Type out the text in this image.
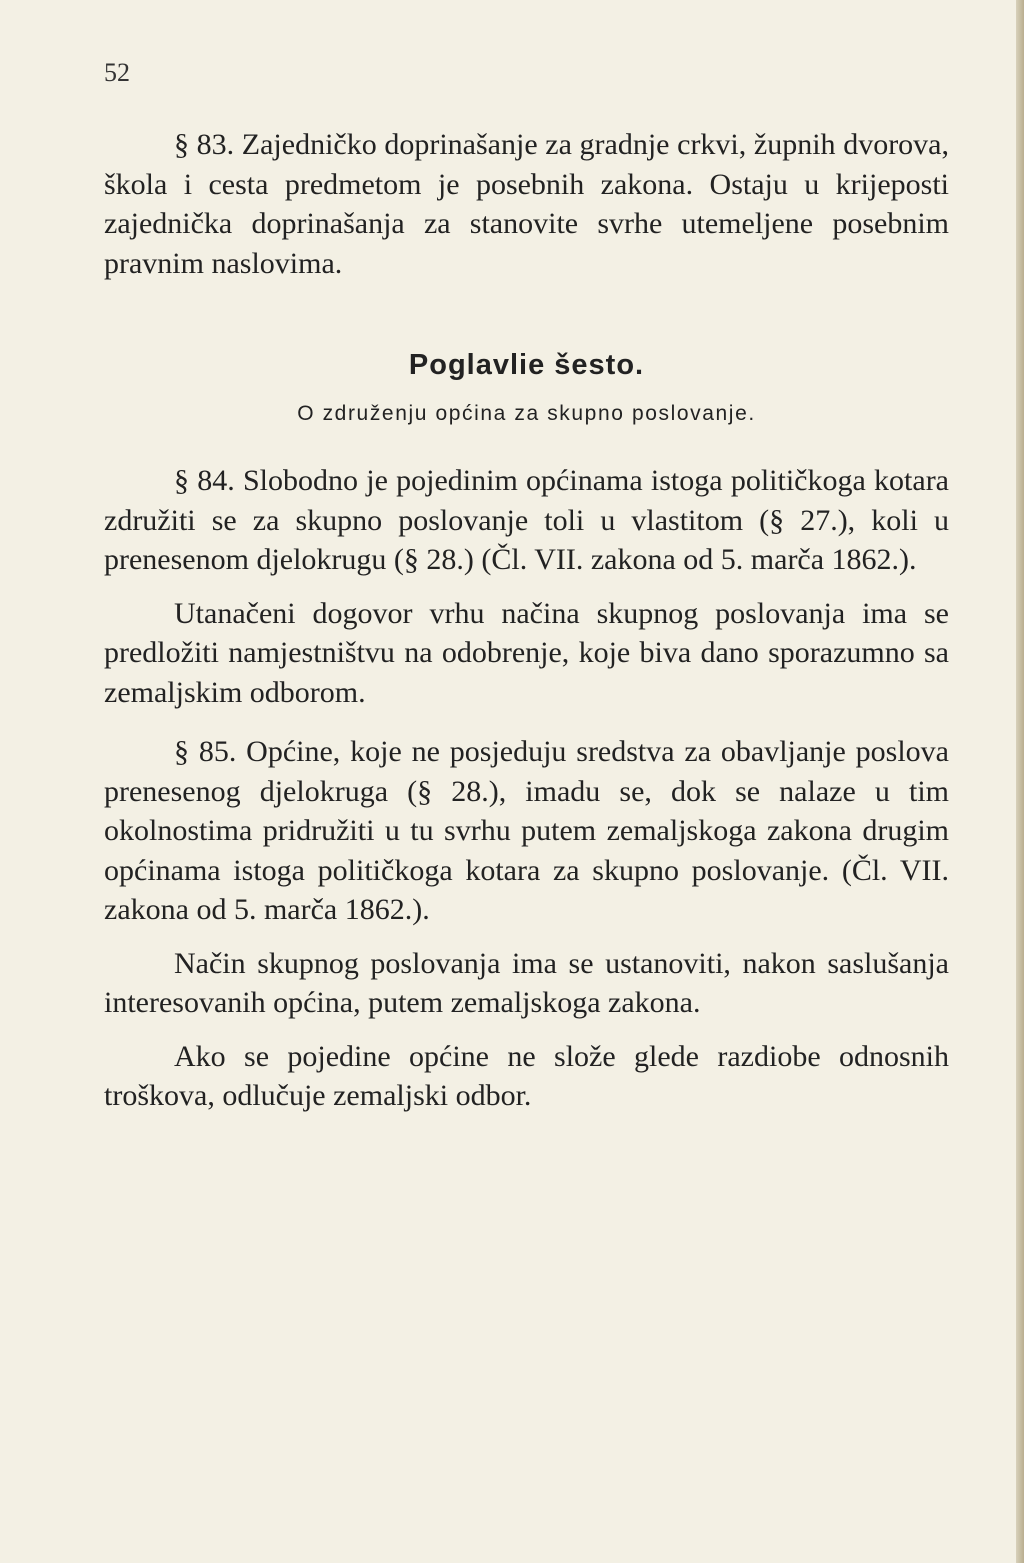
52

§ 83. Zajedničko doprinašanje za gradnje crkvi, župnih dvorova, škola i cesta predmetom je posebnih zakona. Ostaju u krijeposti zajednička doprinašanja za stanovite svrhe utemeljene posebnim pravnim naslovima.

Poglavlie šesto.
O združenju općina za skupno poslovanje.

§ 84. Slobodno je pojedinim općinama istoga političkoga kotara združiti se za skupno poslovanje toli u vlastitom (§ 27.), koli u prenesenom djelokrugu (§ 28.) (Čl. VII. zakona od 5. marča 1862.).

Utanačeni dogovor vrhu načina skupnog poslovanja ima se predložiti namjestništvu na odobrenje, koje biva dano sporazumno sa zemaljskim odborom.

§ 85. Općine, koje ne posjeduju sredstva za obavljanje poslova prenesenog djelokruga (§ 28.), imadu se, dok se nalaze u tim okolnostima pridružiti u tu svrhu putem zemaljskoga zakona drugim općinama istoga političkoga kotara za skupno poslovanje. (Čl. VII. zakona od 5. marča 1862.).

Način skupnog poslovanja ima se ustanoviti, nakon saslušanja interesovanih općina, putem zemaljskoga zakona.

Ako se pojedine općine ne slože glede razdiobe odnosnih troškova, odlučuje zemaljski odbor.
